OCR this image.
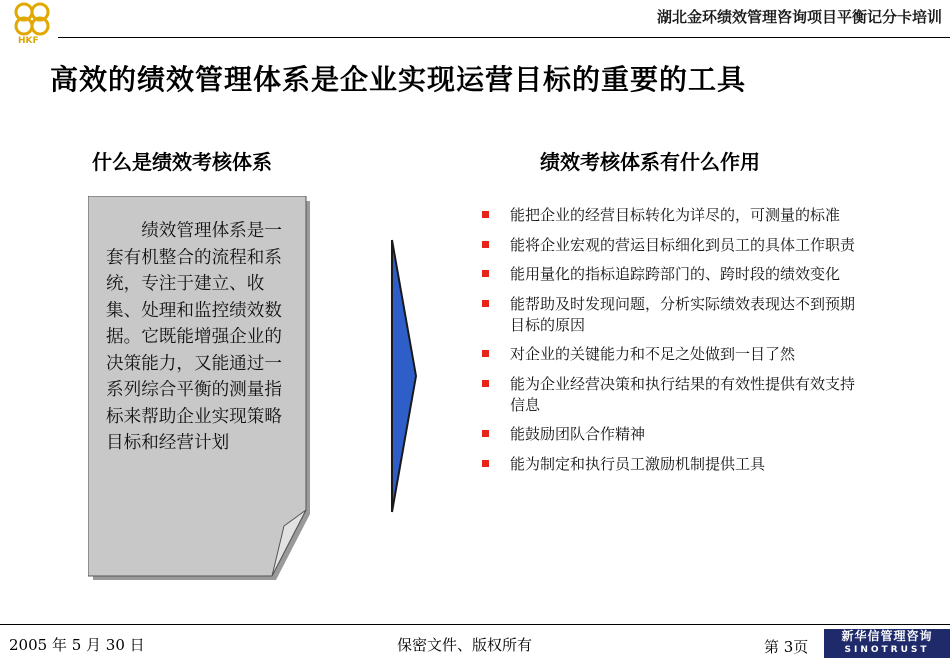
HKF
湖北金环绩效管理咨询项目平衡记分卡培训
高效的绩效管理体系是企业实现运营目标的重要的工具
什么是绩效考核体系	绩效考核体系有什么作用
　　绩效管理体系是一套有机整合的流程和系统，专注于建立、收集、处理和监控绩效数据。它既能增强企业的决策能力，又能通过一系列综合平衡的测量指标来帮助企业实现策略目标和经营计划
能把企业的经营目标转化为详尽的，可测量的标准
能将企业宏观的营运目标细化到员工的具体工作职责
能用量化的指标追踪跨部门的、跨时段的绩效变化
能帮助及时发现问题，分析实际绩效表现达不到预期目标的原因
对企业的关键能力和不足之处做到一目了然
能为企业经营决策和执行结果的有效性提供有效支持信息
能鼓励团队合作精神
能为制定和执行员工激励机制提供工具
2005 年 5 月 30 日	保密文件、版权所有	第 3页
新华信管理咨询
SINOTRUST
